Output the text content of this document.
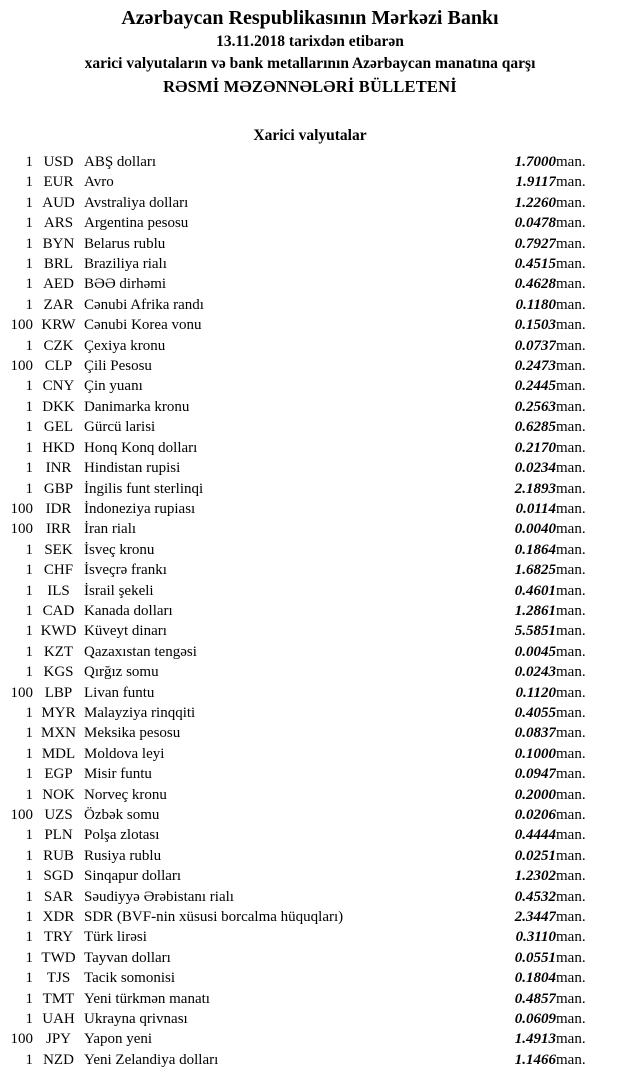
Azərbaycan Respublikasının Mərkəzi Bankı
13.11.2018 tarixdən etibarən
xarici valyutaların və bank metallarının Azərbaycan manatına qarşı
RƏSMİ MƏZƏNNƏLƏRİ BÜLLETENİ
Xarici valyutalar
1	USD	ABŞ dolları	1.7000	man.
1	EUR	Avro	1.9117	man.
1	AUD	Avstraliya dolları	1.2260	man.
1	ARS	Argentina pesosu	0.0478	man.
1	BYN	Belarus rublu	0.7927	man.
1	BRL	Braziliya rialı	0.4515	man.
1	AED	BƏƏ dirhəmi	0.4628	man.
1	ZAR	Cənubi Afrika randı	0.1180	man.
100	KRW	Cənubi Korea vonu	0.1503	man.
1	CZK	Çexiya kronu	0.0737	man.
100	CLP	Çili Pesosu	0.2473	man.
1	CNY	Çin yuanı	0.2445	man.
1	DKK	Danimarka kronu	0.2563	man.
1	GEL	Gürcü larisi	0.6285	man.
1	HKD	Honq Konq dolları	0.2170	man.
1	INR	Hindistan rupisi	0.0234	man.
1	GBP	İngilis funt sterlinqi	2.1893	man.
100	IDR	İndoneziya rupiası	0.0114	man.
100	IRR	İran rialı	0.0040	man.
1	SEK	İsveç kronu	0.1864	man.
1	CHF	İsveçrə frankı	1.6825	man.
1	ILS	İsrail şekeli	0.4601	man.
1	CAD	Kanada dolları	1.2861	man.
1	KWD	Küveyt dinarı	5.5851	man.
1	KZT	Qazaxıstan tengəsi	0.0045	man.
1	KGS	Qırğız somu	0.0243	man.
100	LBP	Livan funtu	0.1120	man.
1	MYR	Malayziya rinqqiti	0.4055	man.
1	MXN	Meksika pesosu	0.0837	man.
1	MDL	Moldova leyi	0.1000	man.
1	EGP	Misir funtu	0.0947	man.
1	NOK	Norveç kronu	0.2000	man.
100	UZS	Özbək somu	0.0206	man.
1	PLN	Polşa zlotası	0.4444	man.
1	RUB	Rusiya rublu	0.0251	man.
1	SGD	Sinqapur dolları	1.2302	man.
1	SAR	Səudiyyə Ərəbistanı rialı	0.4532	man.
1	XDR	SDR (BVF-nin xüsusi borcalma hüquqları)	2.3447	man.
1	TRY	Türk lirəsi	0.3110	man.
1	TWD	Tayvan dolları	0.0551	man.
1	TJS	Tacik somonisi	0.1804	man.
1	TMT	Yeni türkmən manatı	0.4857	man.
1	UAH	Ukrayna qrivnası	0.0609	man.
100	JPY	Yapon yeni	1.4913	man.
1	NZD	Yeni Zelandiya dolları	1.1466	man.
